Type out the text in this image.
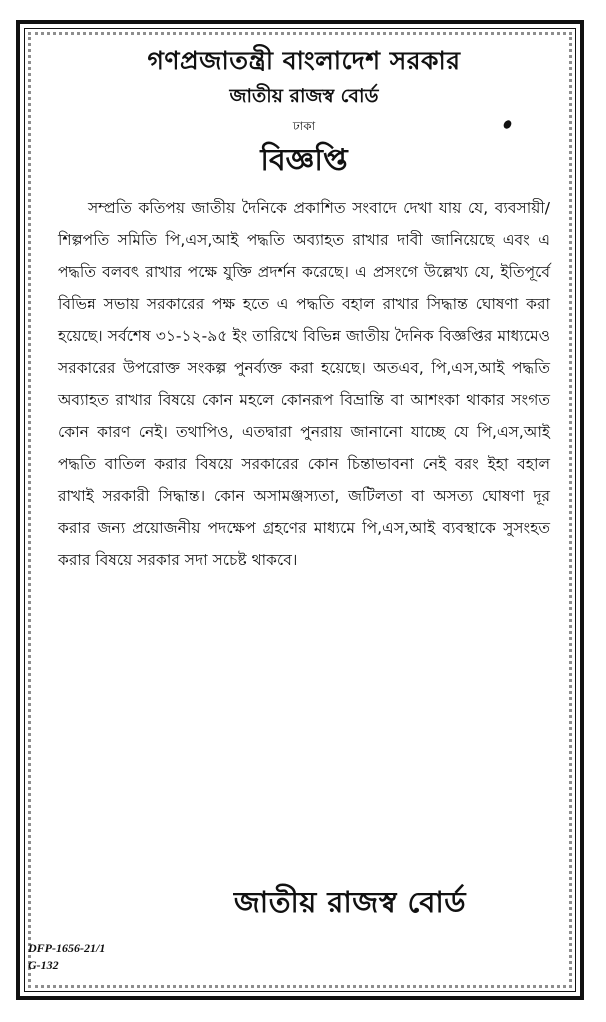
গণপ্রজাতন্ত্রী বাংলাদেশ সরকার
জাতীয় রাজস্ব বোর্ড
ঢাকা
বিজ্ঞপ্তি

সম্প্রতি কতিপয় জাতীয় দৈনিকে প্রকাশিত সংবাদে দেখা যায় যে, ব্যবসায়ী/শিল্পপতি সমিতি পি,এস,আই পদ্ধতি অব্যাহত রাখার দাবী জানিয়েছে এবং এ পদ্ধতি বলবৎ রাখার পক্ষে যুক্তি প্রদর্শন করেছে। এ প্রসংগে উল্লেখ্য যে, ইতিপূর্বে বিভিন্ন সভায় সরকারের পক্ষ হতে এ পদ্ধতি বহাল রাখার সিদ্ধান্ত ঘোষণা করা হয়েছে। সর্বশেষ ৩১-১২-৯৫ ইং তারিখে বিভিন্ন জাতীয় দৈনিক বিজ্ঞপ্তির মাধ্যমেও সরকারের উপরোক্ত সংকল্প পুনর্ব্যক্ত করা হয়েছে। অতএব, পি,এস,আই পদ্ধতি অব্যাহত রাখার বিষয়ে কোন মহলে কোনরূপ বিভ্রান্তি বা আশংকা থাকার সংগত কোন কারণ নেই। তথাপিও, এতদ্বারা পুনরায় জানানো যাচ্ছে যে পি,এস,আই পদ্ধতি বাতিল করার বিষয়ে সরকারের কোন চিন্তাভাবনা নেই বরং ইহা বহাল রাখাই সরকারী সিদ্ধান্ত। কোন অসামঞ্জস্যতা, জটিলতা বা অসত্য ঘোষণা দূর করার জন্য প্রয়োজনীয় পদক্ষেপ গ্রহণের মাধ্যমে পি,এস,আই ব্যবস্থাকে সুসংহত করার বিষয়ে সরকার সদা সচেষ্ট থাকবে।

জাতীয় রাজস্ব বোর্ড
DFP-1656-21/1
G-132
